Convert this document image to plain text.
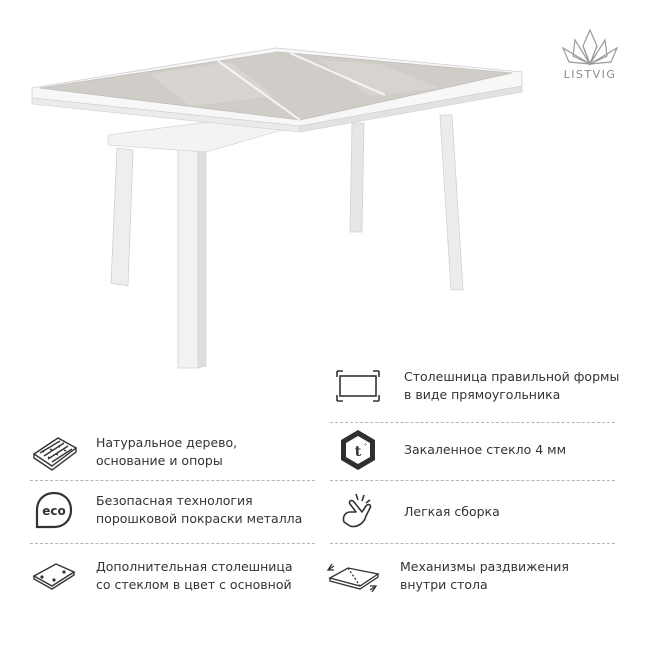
LISTVIG
Столешница правильной формы
в виде прямоугольника
t °	Закаленное стекло 4 мм
Легкая сборка
Механизмы раздвижения
внутри стола
Натуральное дерево,
основание и опоры
eco
Безопасная технология
порошковой покраски металла
Дополнительная столешница
со стеклом в цвет с основной
